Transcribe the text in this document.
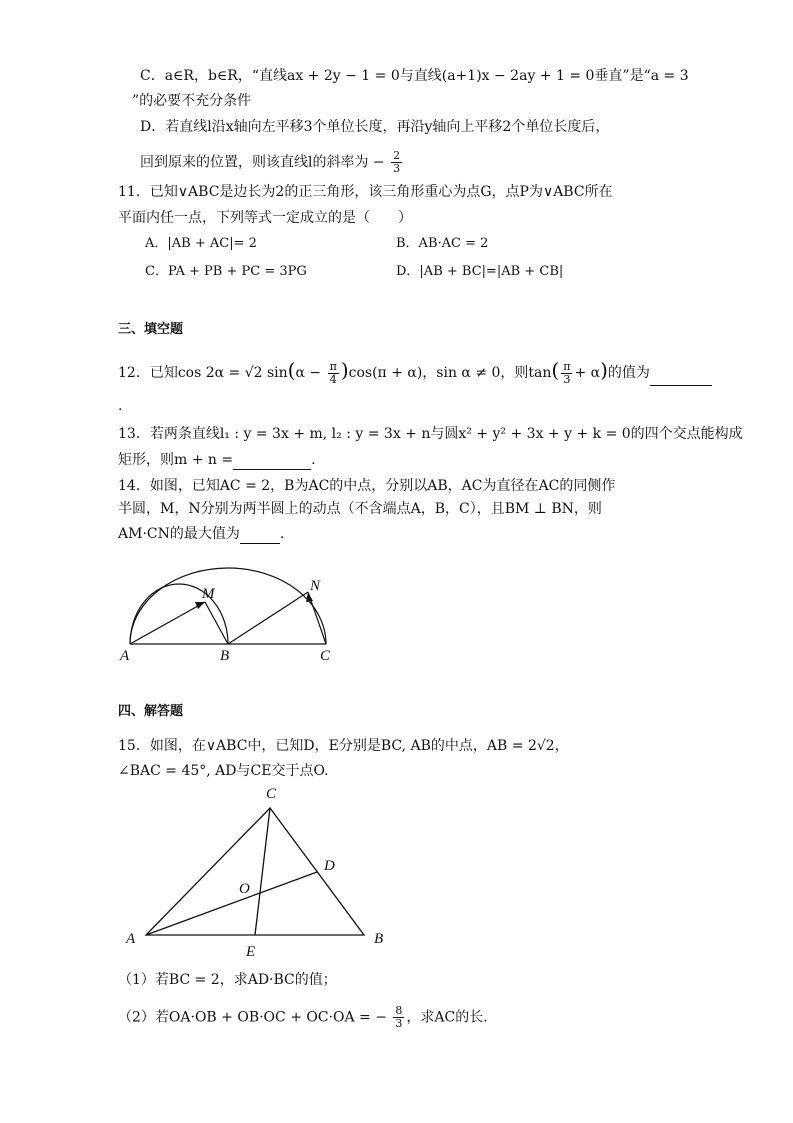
C．a∈R，b∈R，“直线ax + 2y − 1 = 0与直线(a+1)x − 2ay + 1 = 0垂直”是“a = 3
”的必要不充分条件
D．若直线l沿x轴向左平移3个单位长度，再沿y轴向上平移2个单位长度后，
回到原来的位置，则该直线l的斜率为 − $\frac{2}{3}$
11．已知∨ABC是边长为2的正三角形，该三角形重心为点G，点P为∨ABC所在
平面内任一点，下列等式一定成立的是（　　）
A．|AB + AC|= 2	B．AB·AC = 2
C．PA + PB + PC = 3PG	D．|AB + BC|=|AB + CB|
三、填空题
12．已知cos 2α = √2 $\sin(\alpha - \frac{\pi}{4} )\cos(\pi + \alpha)$，sin α ≠ 0，则$\tan( \frac{\pi}{3} + \alpha)$的值为
.
13．若两条直线l₁ : y = 3x + m, l₂ : y = 3x + n与圆x² + y² + 3x + y + k = 0的四个交点能构成
矩形，则m + n =	.
14．如图，已知AC = 2，B为AC的中点，分别以AB，AC为直径在AC的同侧作
半圆，M，N分别为两半圆上的动点（不含端点A，B，C），且BM ⊥ BN，则
AM·CN的最大值为	.
A	B	C
M	N
四、解答题
15．如图，在∨ABC中，已知D，E分别是BC, AB的中点，AB = 2√2，
∠BAC = 45°, AD与CE交于点O.
A	B
C
D
E
O
（1）若BC = 2，求AD·BC的值；
（2）若OA·OB + OB·OC + OC·OA = − $\frac{8}{3}$ ，求AC的长.
